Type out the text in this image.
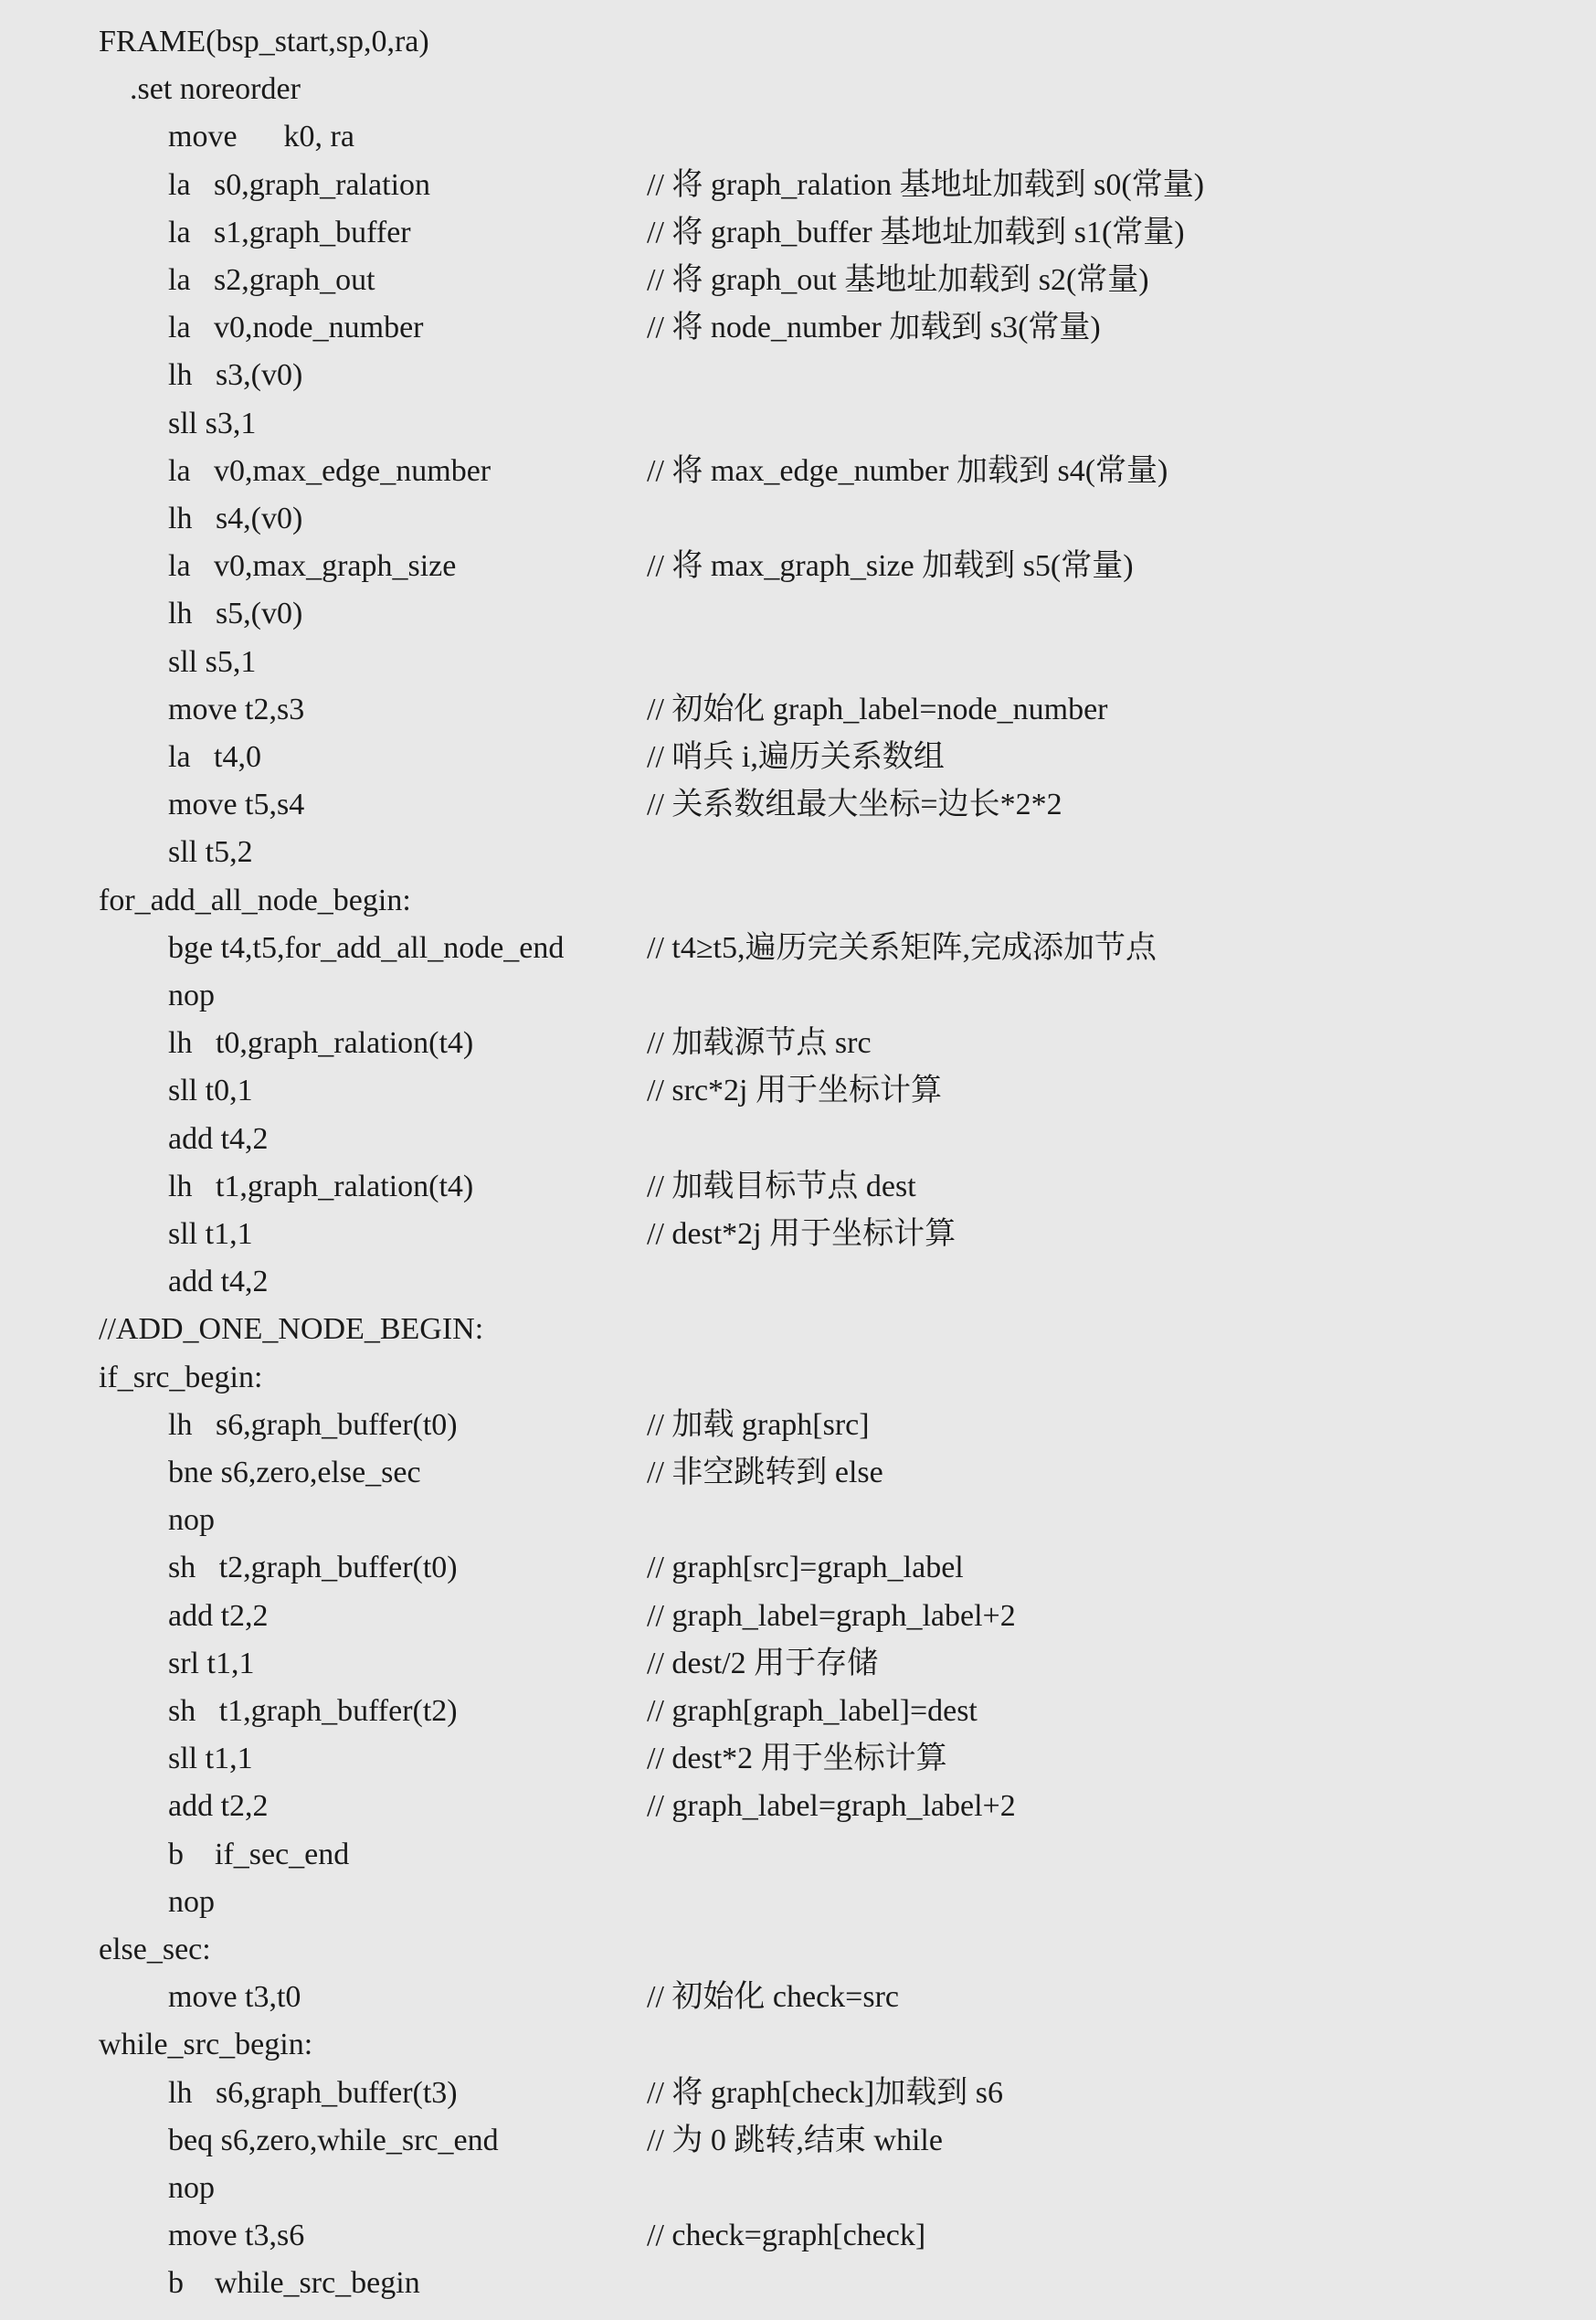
FRAME(bsp_start,sp,0,ra)
.set noreorder
move      k0, ra
la   s0,graph_ralation	// 将 graph_ralation 基地址加载到 s0(常量)
la   s1,graph_buffer	// 将 graph_buffer 基地址加载到 s1(常量)
la   s2,graph_out	// 将 graph_out 基地址加载到 s2(常量)
la   v0,node_number	// 将 node_number 加载到 s3(常量)
lh   s3,(v0)
sll s3,1
la   v0,max_edge_number	// 将 max_edge_number 加载到 s4(常量)
lh   s4,(v0)
la   v0,max_graph_size	// 将 max_graph_size 加载到 s5(常量)
lh   s5,(v0)
sll s5,1
move t2,s3	// 初始化 graph_label=node_number
la   t4,0	// 哨兵 i,遍历关系数组
move t5,s4	// 关系数组最大坐标=边长*2*2
sll t5,2
for_add_all_node_begin:
bge t4,t5,for_add_all_node_end	// t4≥t5,遍历完关系矩阵,完成添加节点
nop
lh   t0,graph_ralation(t4)	// 加载源节点 src
sll t0,1	// src*2j 用于坐标计算
add t4,2
lh   t1,graph_ralation(t4)	// 加载目标节点 dest
sll t1,1	// dest*2j 用于坐标计算
add t4,2
//ADD_ONE_NODE_BEGIN:
if_src_begin:
lh   s6,graph_buffer(t0)	// 加载 graph[src]
bne s6,zero,else_sec	// 非空跳转到 else
nop
sh   t2,graph_buffer(t0)	// graph[src]=graph_label
add t2,2	// graph_label=graph_label+2
srl t1,1	// dest/2 用于存储
sh   t1,graph_buffer(t2)	// graph[graph_label]=dest
sll t1,1	// dest*2 用于坐标计算
add t2,2	// graph_label=graph_label+2
b    if_sec_end
nop
else_sec:
move t3,t0	// 初始化 check=src
while_src_begin:
lh   s6,graph_buffer(t3)	// 将 graph[check]加载到 s6
beq s6,zero,while_src_end	// 为 0 跳转,结束 while
nop
move t3,s6	// check=graph[check]
b    while_src_begin
